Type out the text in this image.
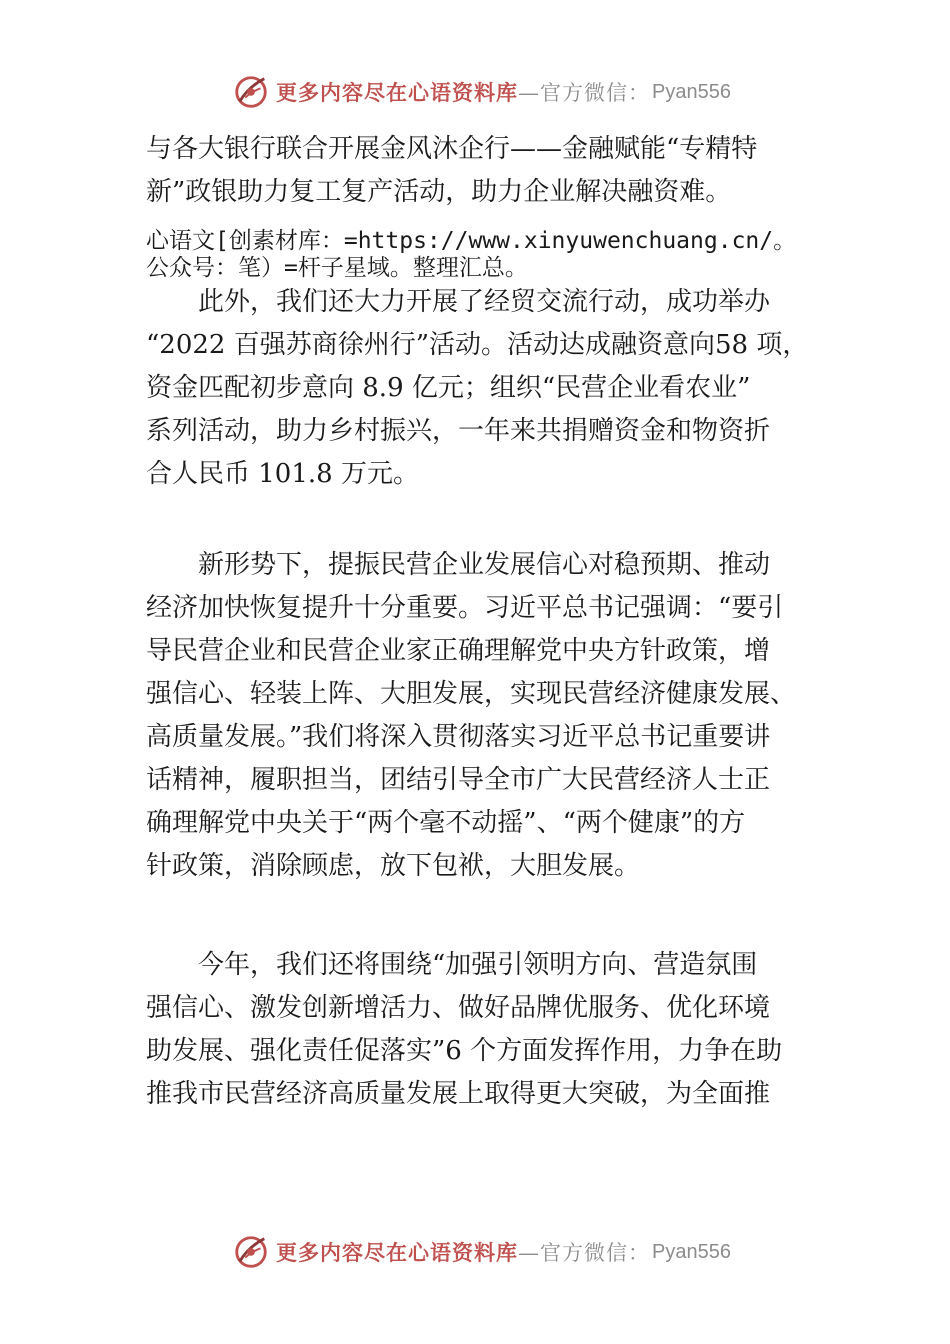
更多内容尽在心语资料库 —官方微信： Pyan556
与各大银行联合开展金风沐企行——金融赋能“专精特
新”政银助力复工复产活动，助力企业解决融资难。
心语文[创素材库：=https://www.xinyuwenchuang.cn/。
公众号：笔）=杆子星域。整理汇总。
　　此外，我们还大力开展了经贸交流行动，成功举办
“2022 百强苏商徐州行”活动。活动达成融资意向58 项，
资金匹配初步意向 8.9 亿元；组织“民营企业看农业”
系列活动，助力乡村振兴，一年来共捐赠资金和物资折
合人民币 101.8 万元。
　　新形势下，提振民营企业发展信心对稳预期、推动
经济加快恢复提升十分重要。习近平总书记强调：“要引
导民营企业和民营企业家正确理解党中央方针政策，增
强信心、轻装上阵、大胆发展，实现民营经济健康发展、
高质量发展。”我们将深入贯彻落实习近平总书记重要讲
话精神，履职担当，团结引导全市广大民营经济人士正
确理解党中央关于“两个毫不动摇”、“两个健康”的方
针政策，消除顾虑，放下包袱，大胆发展。
　　今年，我们还将围绕“加强引领明方向、营造氛围
强信心、激发创新增活力、做好品牌优服务、优化环境
助发展、强化责任促落实”6 个方面发挥作用，力争在助
推我市民营经济高质量发展上取得更大突破，为全面推
更多内容尽在心语资料库 —官方微信： Pyan556
